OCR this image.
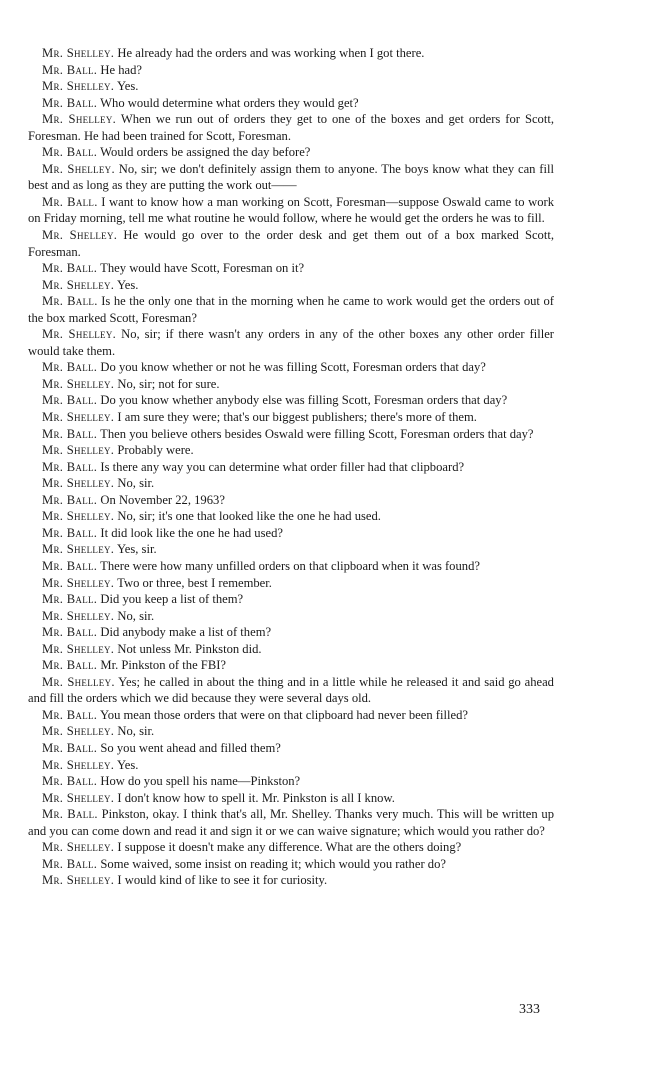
Mr. Shelley. He already had the orders and was working when I got there.

Mr. Ball. He had?

Mr. Shelley. Yes.

Mr. Ball. Who would determine what orders they would get?

Mr. Shelley. When we run out of orders they get to one of the boxes and get orders for Scott, Foresman. He had been trained for Scott, Foresman.

Mr. Ball. Would orders be assigned the day before?

Mr. Shelley. No, sir; we don't definitely assign them to anyone. The boys know what they can fill best and as long as they are putting the work out——

Mr. Ball. I want to know how a man working on Scott, Foresman—suppose Oswald came to work on Friday morning, tell me what routine he would follow, where he would get the orders he was to fill.

Mr. Shelley. He would go over to the order desk and get them out of a box marked Scott, Foresman.

Mr. Ball. They would have Scott, Foresman on it?

Mr. Shelley. Yes.

Mr. Ball. Is he the only one that in the morning when he came to work would get the orders out of the box marked Scott, Foresman?

Mr. Shelley. No, sir; if there wasn't any orders in any of the other boxes any other order filler would take them.

Mr. Ball. Do you know whether or not he was filling Scott, Foresman orders that day?

Mr. Shelley. No, sir; not for sure.

Mr. Ball. Do you know whether anybody else was filling Scott, Foresman orders that day?

Mr. Shelley. I am sure they were; that's our biggest publishers; there's more of them.

Mr. Ball. Then you believe others besides Oswald were filling Scott, Foresman orders that day?

Mr. Shelley. Probably were.

Mr. Ball. Is there any way you can determine what order filler had that clipboard?

Mr. Shelley. No, sir.

Mr. Ball. On November 22, 1963?

Mr. Shelley. No, sir; it's one that looked like the one he had used.

Mr. Ball. It did look like the one he had used?

Mr. Shelley. Yes, sir.

Mr. Ball. There were how many unfilled orders on that clipboard when it was found?

Mr. Shelley. Two or three, best I remember.

Mr. Ball. Did you keep a list of them?

Mr. Shelley. No, sir.

Mr. Ball. Did anybody make a list of them?

Mr. Shelley. Not unless Mr. Pinkston did.

Mr. Ball. Mr. Pinkston of the FBI?

Mr. Shelley. Yes; he called in about the thing and in a little while he released it and said go ahead and fill the orders which we did because they were several days old.

Mr. Ball. You mean those orders that were on that clipboard had never been filled?

Mr. Shelley. No, sir.

Mr. Ball. So you went ahead and filled them?

Mr. Shelley. Yes.

Mr. Ball. How do you spell his name—Pinkston?

Mr. Shelley. I don't know how to spell it. Mr. Pinkston is all I know.

Mr. Ball. Pinkston, okay. I think that's all, Mr. Shelley. Thanks very much. This will be written up and you can come down and read it and sign it or we can waive signature; which would you rather do?

Mr. Shelley. I suppose it doesn't make any difference. What are the others doing?

Mr. Ball. Some waived, some insist on reading it; which would you rather do?

Mr. Shelley. I would kind of like to see it for curiosity.

333
